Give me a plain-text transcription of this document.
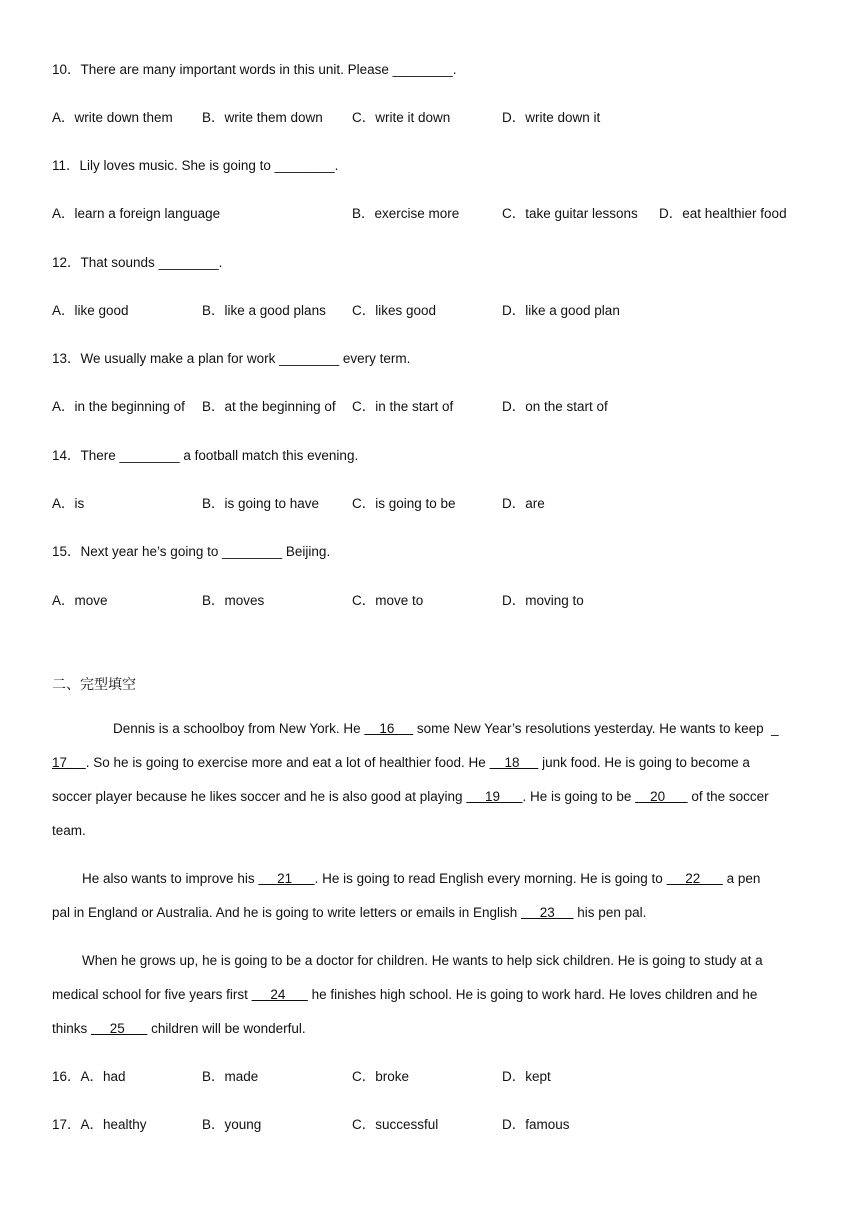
10．There are many important words in this unit. Please ________.
A．write down them B．write them down C．write it down	D．write down it
11．Lily loves music. She is going to ________.
A．learn a foreign language	B．exercise more	C．take guitar lessons D．eat healthier food
12．That sounds ________.
A．like good	B．like a good plans C．likes good	D．like a good plan
13．We usually make a plan for work ________ every term.
A．in the beginning of B．at the beginning of C．in the start of	D．on the start of
14．There ________ a football match this evening.
A．is	B．is going to have C．is going to be	D．are
15．Next year he’s going to ________ Beijing.
A．move	B．moves	C．move to	D．moving to
二、完型填空
Dennis is a schoolboy from New York. He     16      some New Year’s resolutions yesterday. He wants to keep  _
17     . So he is going to exercise more and eat a lot of healthier food. He     18      junk food. He is going to become a
soccer player because he likes soccer and he is also good at playing      19      . He is going to be     20       of the soccer
team.
He also wants to improve his      21      . He is going to read English every morning. He is going to      22       a pen
pal in England or Australia. And he is going to write letters or emails in English      23      his pen pal.
When he grows up, he is going to be a doctor for children. He wants to help sick children. He is going to study at a
medical school for five years first      24       he finishes high school. He is going to work hard. He loves children and he
thinks      25       children will be wonderful.
16．A．had	B．made	C．broke	D．kept
17．A．healthy	B．young	C．successful	D．famous
